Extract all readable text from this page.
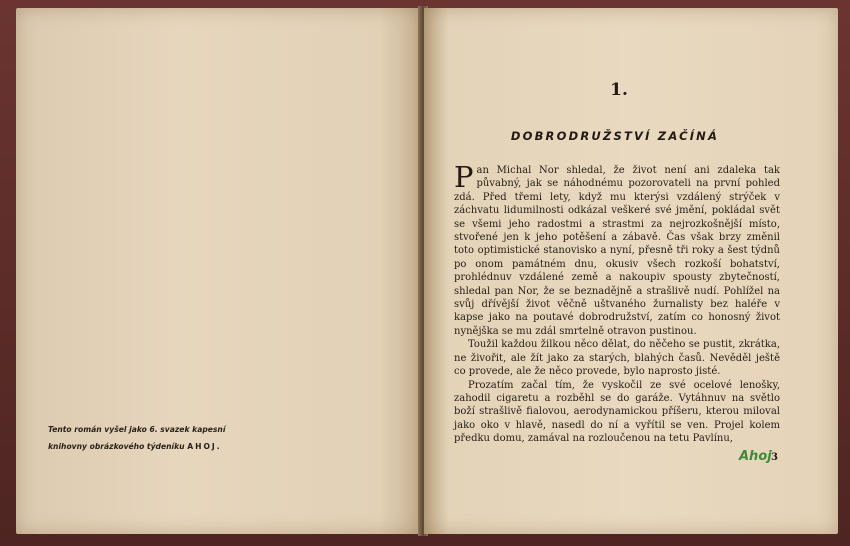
Tento román vyšel jako 6. svazek kapesní
knihovny obrázkového týdeníku AHOJ.
1.
DOBRODRUŽSTVÍ ZAČÍNÁ

Pan Michal Nor shledal, že život není ani zdaleka tak půvabný, jak se náhodnému pozorovateli na první pohled zdá. Před třemi lety, když mu kterýsi vzdálený strýček v záchvatu lidumilnosti odkázal veškeré své jmění, pokládal svět se všemi jeho radostmi a strastmi za nejrozkošnější místo, stvořené jen k jeho potěšení a zábavě. Čas však brzy změnil toto optimistické stanovisko a nyní, přesně tři roky a šest týdnů po onom památném dnu, okusiv všech rozkoší bohatství, prohlédnuv vzdálené země a nakoupiv spousty zbytečností, shledal pan Nor, že se beznadějně a strašlivě nudí. Pohlížel na svůj dřívější život věčně uštvaného žurnalisty bez haléře v kapse jako na poutavé dobrodružství, zatím co honosný život nynějška se mu zdál smrtelně otravon pustinou.

Toužil každou žilkou něco dělat, do něčeho se pustit, zkrátka, ne živořit, ale žít jako za starých, blahých časů. Nevěděl ještě co provede, ale že něco provede, bylo naprosto jisté.

Prozatím začal tím, že vyskočil ze své ocelové lenošky, zahodil cigaretu a rozběhl se do garáže. Vytáhnuv na světlo boží strašlivě fialovou, aerodynamickou příšeru, kterou miloval jako oko v hlavě, nasedl do ní a vyřítil se ven. Projel kolem předku domu, zamával na rozloučenou na tetu Pavlínu,

Ahoj 3
